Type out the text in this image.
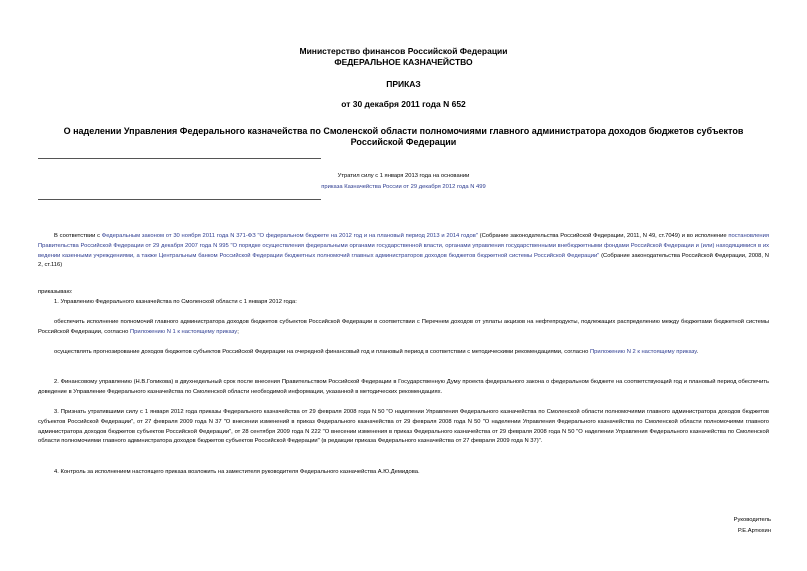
Министерство финансов Российской Федерации
ФЕДЕРАЛЬНОЕ КАЗНАЧЕЙСТВО
ПРИКАЗ
от 30 декабря 2011 года N 652
О наделении Управления Федерального казначейства по Смоленской области полномочиями главного администратора доходов бюджетов субъектов Российской Федерации
Утратил силу с 1 января 2013 года на основании
приказа Казначейства России от 29 декабря 2012 года N 499
В соответствии с Федеральным законом от 30 ноября 2011 года N 371-ФЗ "О федеральном бюджете на 2012 год и на плановый период 2013 и 2014 годов" (Собрание законодательства Российской Федерации, 2011, N 49, ст.7049) и во исполнение постановления Правительства Российской Федерации от 29 декабря 2007 года N 995 "О порядке осуществления федеральными органами государственной власти, органами управления государственными внебюджетными фондами Российской Федерации и (или) находящимися в их ведении казенными учреждениями, а также Центральным банком Российской Федерации бюджетных полномочий главных администраторов доходов бюджетов бюджетной системы Российской Федерации" (Собрание законодательства Российской Федерации, 2008, N 2, ст.116)
приказываю:
1. Управлению Федерального казначейства по Смоленской области с 1 января 2012 года:
обеспечить исполнение полномочий главного администратора доходов бюджетов субъектов Российской Федерации в соответствии с Перечнем доходов от уплаты акцизов на нефтепродукты, подлежащих распределению между бюджетами бюджетной системы Российской Федерации, согласно Приложению N 1 к настоящему приказу;
осуществлять прогнозирование доходов бюджетов субъектов Российской Федерации на очередной финансовый год и плановый период в соответствии с методическими рекомендациями, согласно Приложению N 2 к настоящему приказу.
2. Финансовому управлению (Н.В.Голикова) в двухнедельный срок после внесения Правительством Российской Федерации в Государственную Думу проекта федерального закона о федеральном бюджете на соответствующий год и плановый период обеспечить доведение в Управление Федерального казначейства по Смоленской области необходимой информации, указанной в методических рекомендациях.
3. Признать утратившими силу с 1 января 2012 года приказы Федерального казначейства от 29 февраля 2008 года N 50 "О наделении Управления Федерального казначейства по Смоленской области полномочиями главного администратора доходов бюджетов субъектов Российской Федерации", от 27 февраля 2009 года N 37 "О внесении изменений в приказ Федерального казначейства от 29 февраля 2008 года N 50 "О наделении Управления Федерального казначейства по Смоленской области полномочиями главного администратора доходов бюджетов субъектов Российской Федерации", от 28 сентября 2009 года N 222 "О внесении изменения в приказ Федерального казначейства от 29 февраля 2008 года N 50 "О наделении Управления Федерального казначейства по Смоленской области полномочиями главного администратора доходов бюджетов субъектов Российской Федерации" (в редакции приказа Федерального казначейства от 27 февраля 2009 года N 37)".
4. Контроль за исполнением настоящего приказа возложить на заместителя руководителя Федерального казначейства А.Ю.Демидова.
Руководитель
Р.Е.Артюхин
